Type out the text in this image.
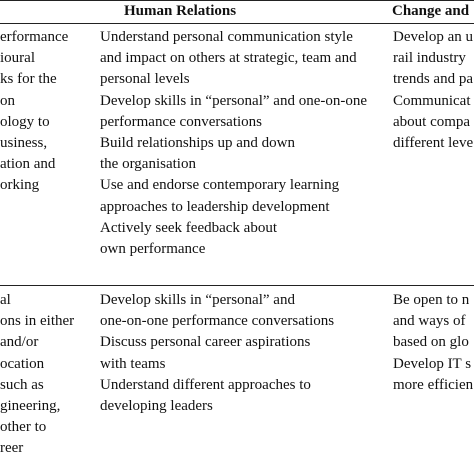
Human Relations	Change and
erformance
ioural
ks for the
on
ology to
usiness,
ation and
orking
Understand personal communication style
and impact on others at strategic, team and
personal levels
Develop skills in “personal” and one-on-one
performance conversations
Build relationships up and down
the organisation
Use and endorse contemporary learning
approaches to leadership development
Actively seek feedback about
own performance
Develop an u
rail industry
trends and pa
Communicat
about compa
different leve
al
ons in either
and/or
ocation
such as
gineering,
other to
reer
Develop skills in “personal” and
one-on-one performance conversations
Discuss personal career aspirations
with teams
Understand different approaches to
developing leaders
Be open to n
and ways of
based on glo
Develop IT s
more efficien
